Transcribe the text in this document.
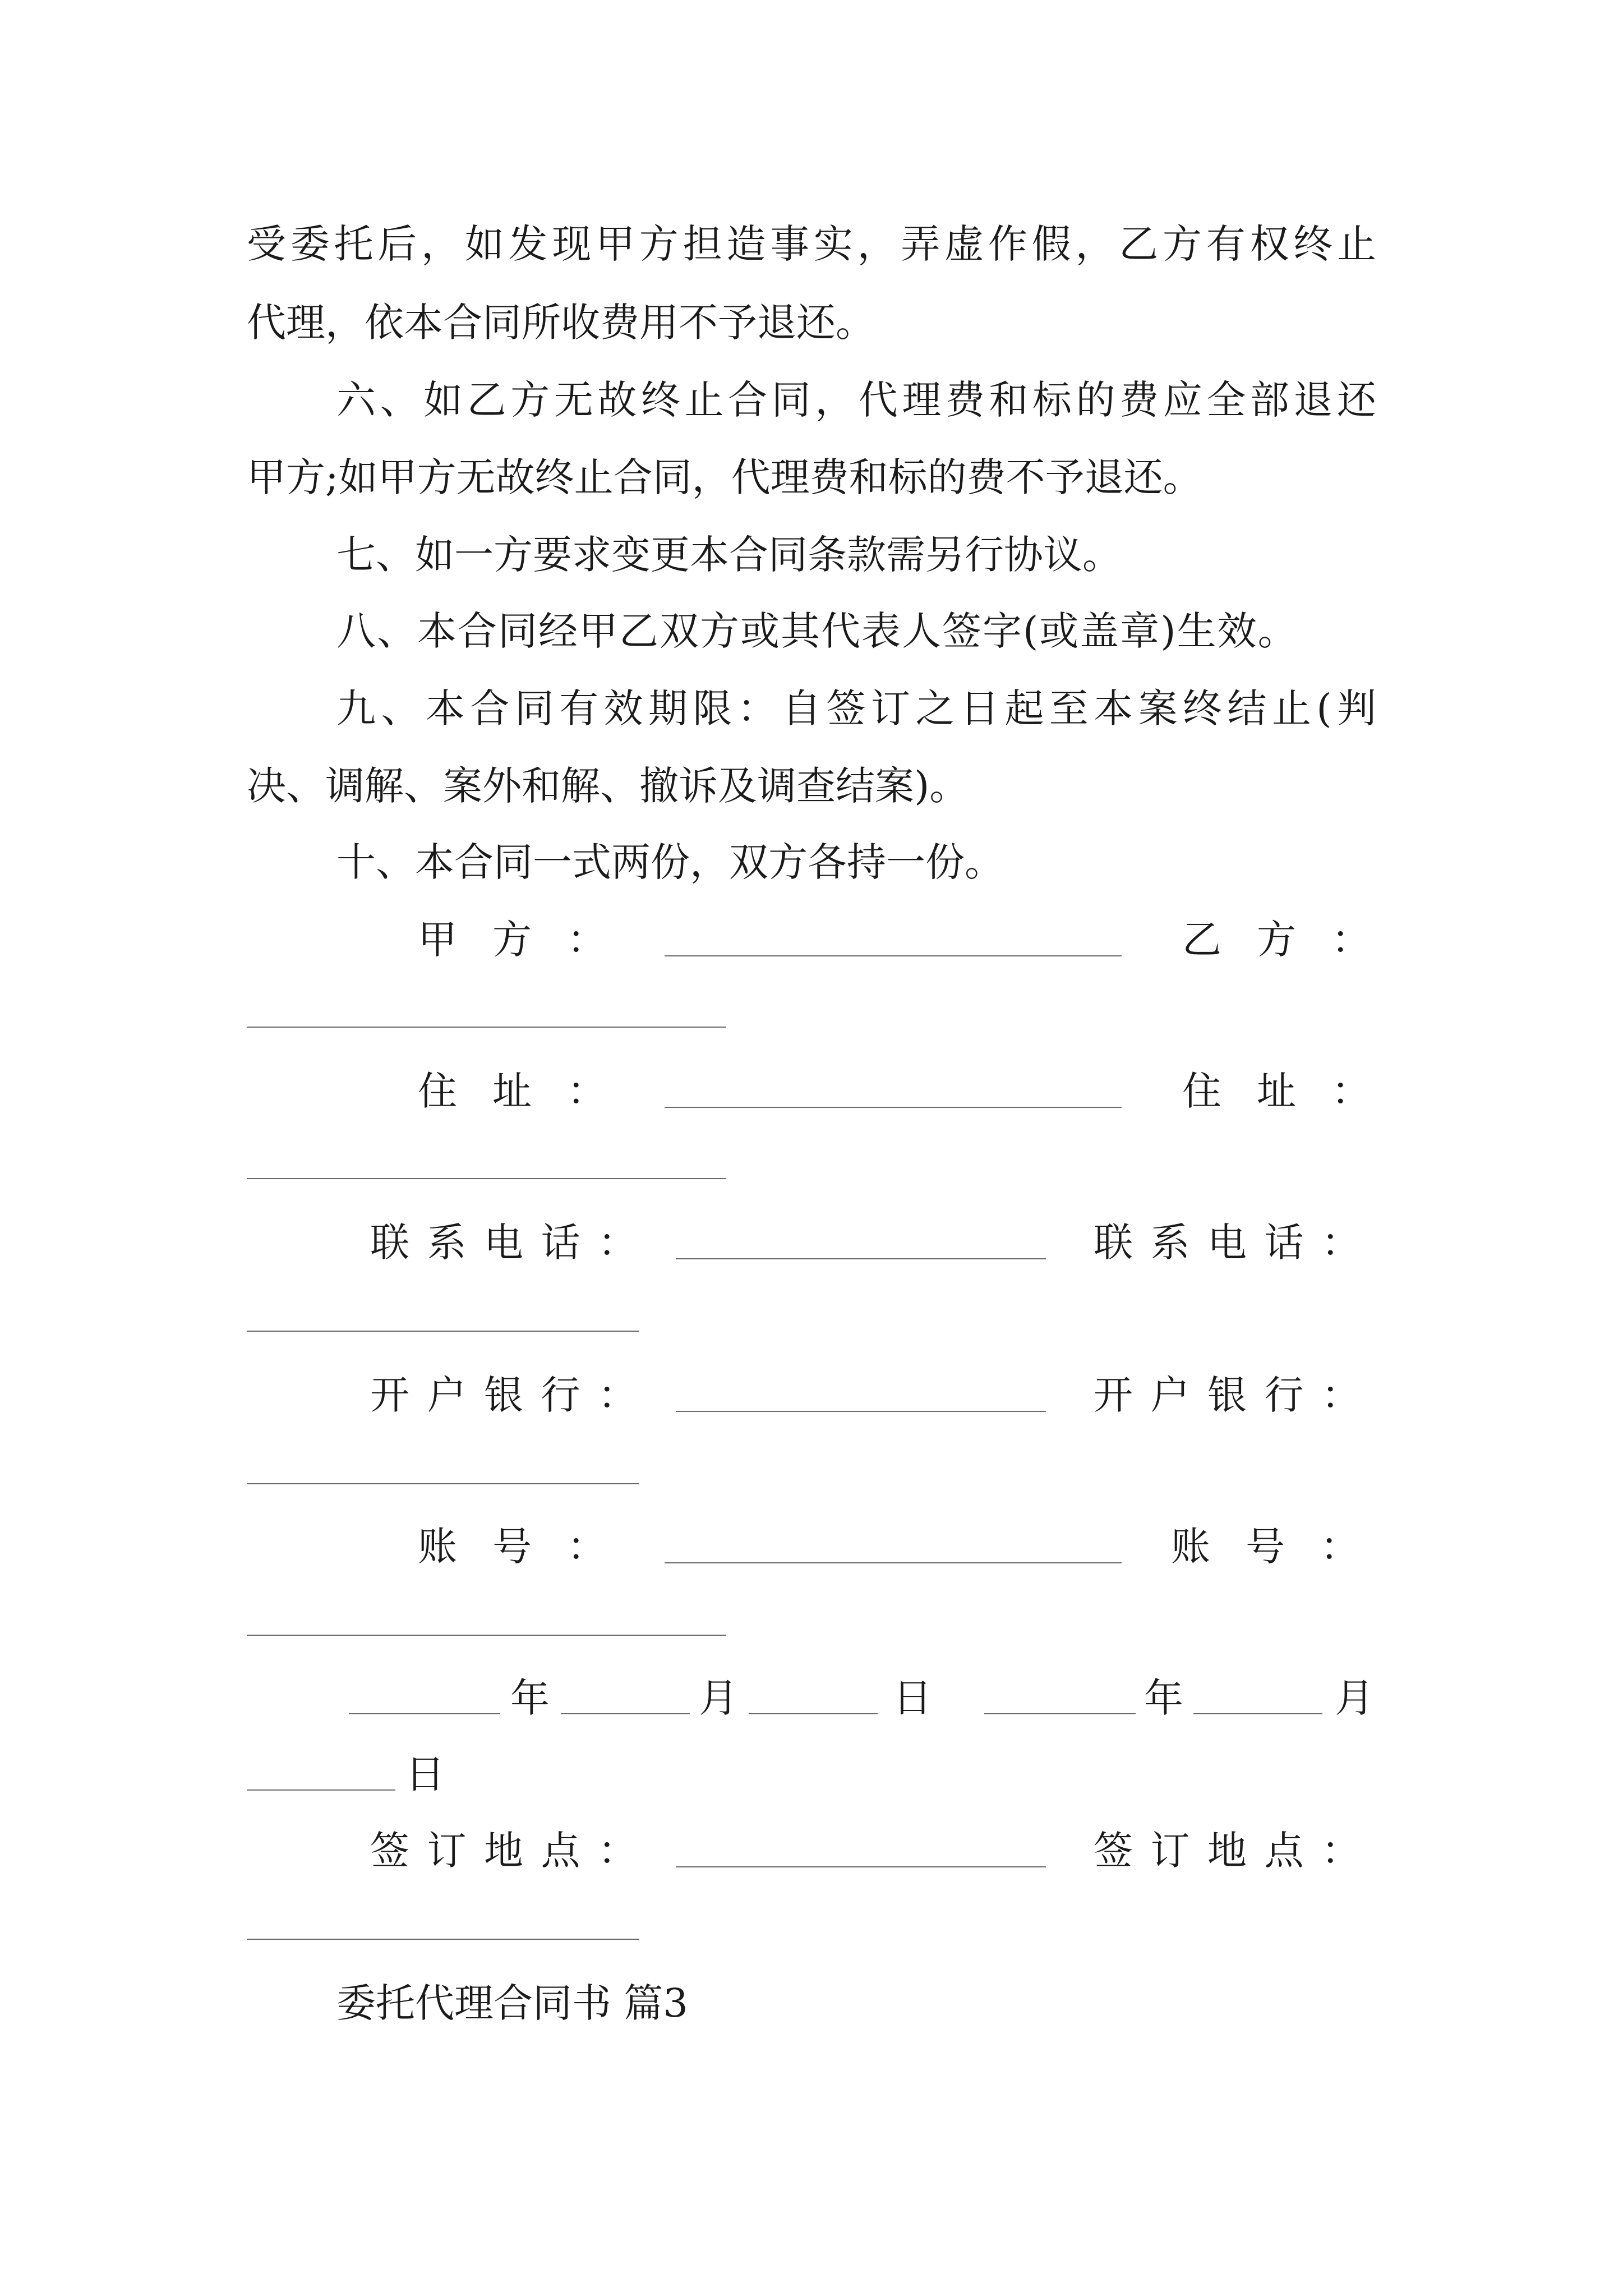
受委托后，如发现甲方担造事实，弄虚作假，乙方有权终止
代理，依本合同所收费用不予退还。
六、如乙方无故终止合同，代理费和标的费应全部退还
甲方;如甲方无故终止合同，代理费和标的费不予退还。
七、如一方要求变更本合同条款需另行协议。
八、本合同经甲乙双方或其代表人签字(或盖章)生效。
九、本合同有效期限：自签订之日起至本案终结止(判
决、调解、案外和解、撤诉及调查结案)。
十、本合同一式两份，双方各持一份。
甲方：	乙方：
住址：	住址：
联系电话：	联系电话：
开户银行：	开户银行：
账号：	账号：
年	月	日	年	月
日
签订地点：	签订地点：
委托代理合同书 篇3
